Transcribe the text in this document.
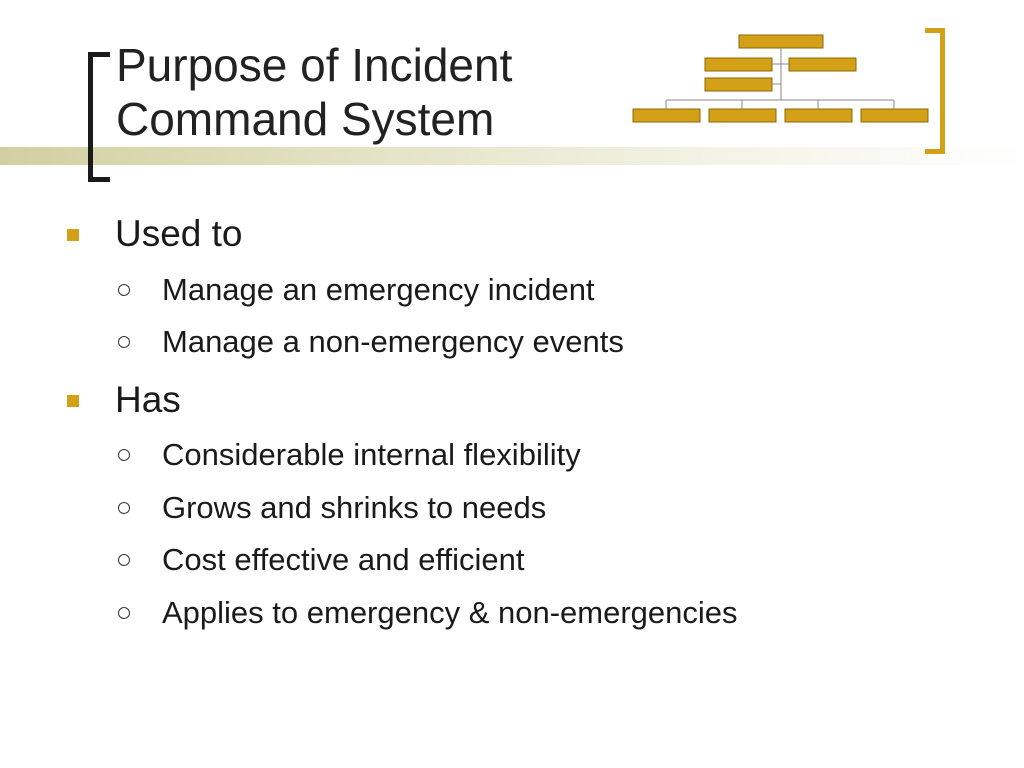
Purpose of Incident
Command System
Used to
Manage an emergency incident
Manage a non-emergency events
Has
Considerable internal flexibility
Grows and shrinks to needs
Cost effective and efficient
Applies to emergency & non-emergencies
